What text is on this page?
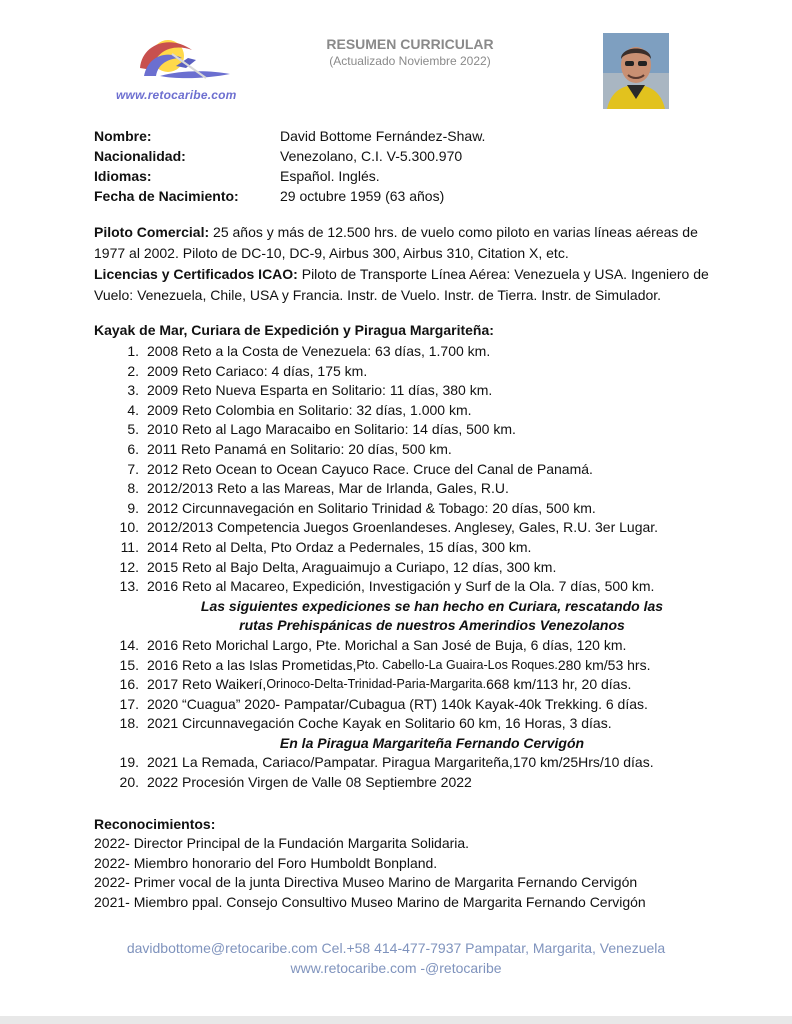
www.retocaribe.com
RESUMEN CURRICULAR
(Actualizado Noviembre 2022)
Nombre:	David Bottome Fernández-Shaw.
Nacionalidad:	Venezolano, C.I. V-5.300.970
Idiomas:	Español. Inglés.
Fecha de Nacimiento:	29 octubre 1959 (63 años)
Piloto Comercial: 25 años y más de 12.500 hrs. de vuelo como piloto en varias líneas aéreas de 1977 al 2002. Piloto de DC-10, DC-9, Airbus 300, Airbus 310, Citation X, etc.
Licencias y Certificados ICAO: Piloto de Transporte Línea Aérea: Venezuela y USA. Ingeniero de Vuelo: Venezuela, Chile, USA y Francia. Instr. de Vuelo. Instr. de Tierra. Instr. de Simulador.
Kayak de Mar, Curiara de Expedición y Piragua Margariteña:
1. 2008 Reto a la Costa de Venezuela: 63 días, 1.700 km.
2. 2009 Reto Cariaco: 4 días, 175 km.
3. 2009 Reto Nueva Esparta en Solitario: 11 días, 380 km.
4. 2009 Reto Colombia en Solitario: 32 días, 1.000 km.
5. 2010 Reto al Lago Maracaibo en Solitario: 14 días, 500 km.
6. 2011 Reto Panamá en Solitario: 20 días, 500 km.
7. 2012 Reto Ocean to Ocean Cayuco Race. Cruce del Canal de Panamá.
8. 2012/2013 Reto a las Mareas, Mar de Irlanda, Gales, R.U.
9. 2012 Circunnavegación en Solitario Trinidad & Tobago: 20 días, 500 km.
10. 2012/2013 Competencia Juegos Groenlandeses. Anglesey, Gales, R.U. 3er Lugar.
11. 2014 Reto al Delta, Pto Ordaz a Pedernales, 15 días, 300 km.
12. 2015 Reto al Bajo Delta, Araguaimujo a Curiapo, 12 días, 300 km.
13. 2016 Reto al Macareo, Expedición, Investigación y Surf de la Ola. 7 días, 500 km.
Las siguientes expediciones se han hecho en Curiara, rescatando las
rutas Prehispánicas de nuestros Amerindios Venezolanos
14. 2016 Reto Morichal Largo, Pte. Morichal a San José de Buja, 6 días, 120 km.
15. 2016 Reto a las Islas Prometidas, Pto. Cabello-La Guaira-Los Roques. 280 km/53 hrs.
16. 2017 Reto Waikerí, Orinoco-Delta-Trinidad-Paria-Margarita. 668 km/113 hr, 20 días.
17. 2020 “Cuagua” 2020- Pampatar/Cubagua (RT) 140k Kayak-40k Trekking. 6 días.
18. 2021 Circunnavegación Coche Kayak en Solitario 60 km, 16 Horas, 3 días.
En la Piragua Margariteña Fernando Cervigón
19. 2021 La Remada, Cariaco/Pampatar. Piragua Margariteña,170 km/25Hrs/10 días.
20. 2022 Procesión Virgen de Valle 08 Septiembre 2022
Reconocimientos:
2022- Director Principal de la Fundación Margarita Solidaria.
2022- Miembro honorario del Foro Humboldt Bonpland.
2022- Primer vocal de la junta Directiva Museo Marino de Margarita Fernando Cervigón
2021- Miembro ppal. Consejo Consultivo Museo Marino de Margarita Fernando Cervigón
davidbottome@retocaribe.com Cel.+58 414-477-7937 Pampatar, Margarita, Venezuela
www.retocaribe.com -@retocaribe
